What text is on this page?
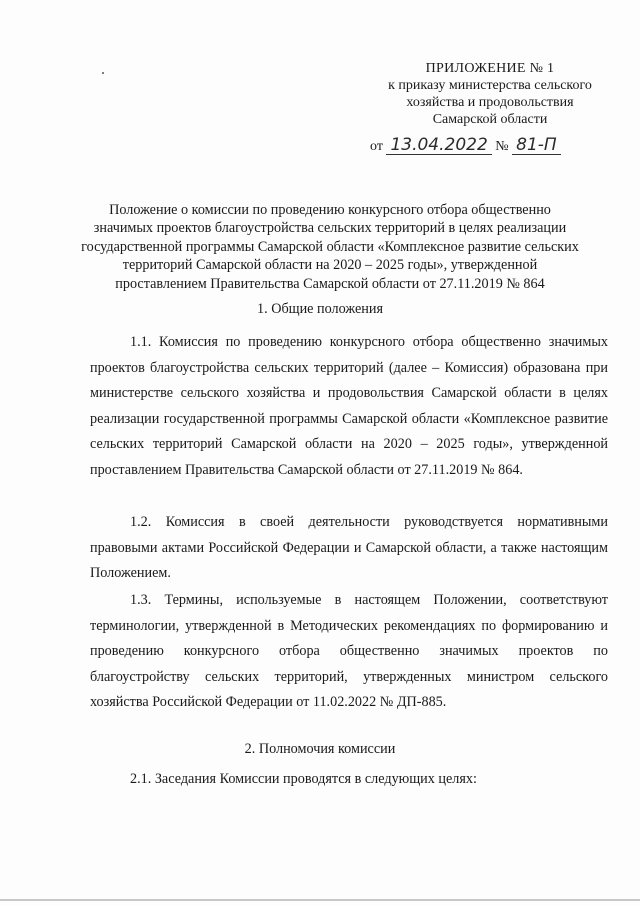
ПРИЛОЖЕНИЕ № 1
к приказу министерства сельского
хозяйства и продовольствия
Самарской области
от 13.04.2022 № 81-П
Положение о комиссии по проведению конкурсного отбора общественно значимых проектов благоустройства сельских территорий в целях реализации государственной программы Самарской области «Комплексное развитие сельских территорий Самарской области на 2020 – 2025 годы», утвержденной проставлением Правительства Самарской области от 27.11.2019 № 864
1. Общие положения
1.1. Комиссия по проведению конкурсного отбора общественно значимых проектов благоустройства сельских территорий (далее – Комиссия) образована при министерстве сельского хозяйства и продовольствия Самарской области в целях реализации государственной программы Самарской области «Комплексное развитие сельских территорий Самарской области на 2020 – 2025 годы», утвержденной проставлением Правительства Самарской области от 27.11.2019 № 864.
1.2. Комиссия в своей деятельности руководствуется нормативными правовыми актами Российской Федерации и Самарской области, а также настоящим Положением.
1.3. Термины, используемые в настоящем Положении, соответствуют терминологии, утвержденной в Методических рекомендациях по формированию и проведению конкурсного отбора общественно значимых проектов по благоустройству сельских территорий, утвержденных министром сельского хозяйства Российской Федерации от 11.02.2022 № ДП-885.
2. Полномочия комиссии
2.1. Заседания Комиссии проводятся в следующих целях:
